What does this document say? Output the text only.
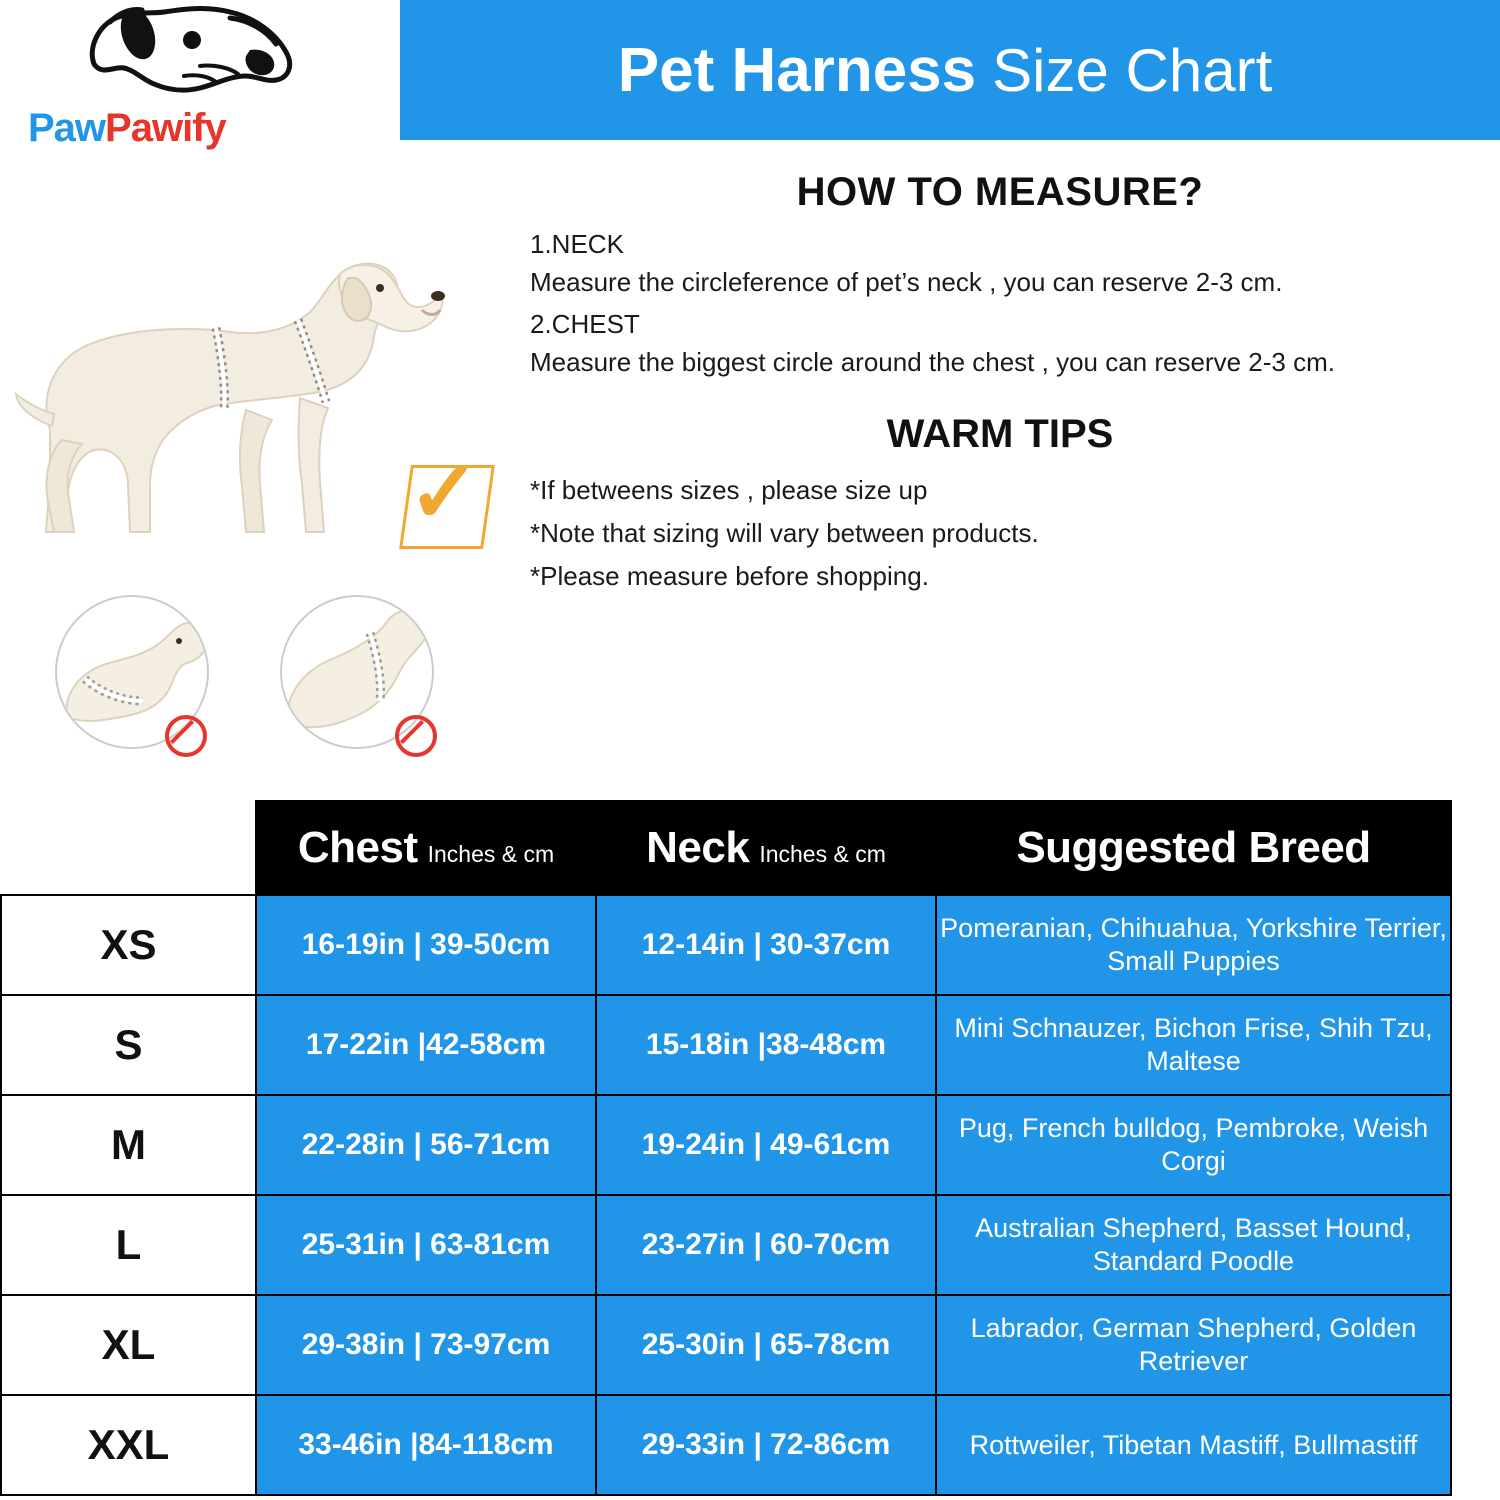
PawPawify
Pet Harness Size Chart
✓
HOW TO MEASURE?
1.NECK
Measure the circleference of pet’s neck , you can reserve 2-3 cm.
2.CHEST
Measure the biggest circle around the chest , you can reserve 2-3 cm.
WARM TIPS
*If betweens sizes , please size up
*Note that sizing will vary between products.
*Please measure before shopping.
	Chest Inches & cm	Neck Inches & cm	Suggested Breed
XS	16-19in | 39-50cm	12-14in | 30-37cm	Pomeranian, Chihuahua, Yorkshire Terrier, Small Puppies
S	17-22in |42-58cm	15-18in |38-48cm	Mini Schnauzer, Bichon Frise, Shih Tzu, Maltese
M	22-28in | 56-71cm	19-24in | 49-61cm	Pug, French bulldog, Pembroke, Weish Corgi
L	25-31in | 63-81cm	23-27in | 60-70cm	Australian Shepherd, Basset Hound, Standard Poodle
XL	29-38in | 73-97cm	25-30in | 65-78cm	Labrador, German Shepherd, Golden Retriever
XXL	33-46in |84-118cm	29-33in | 72-86cm	Rottweiler, Tibetan Mastiff, Bullmastiff
